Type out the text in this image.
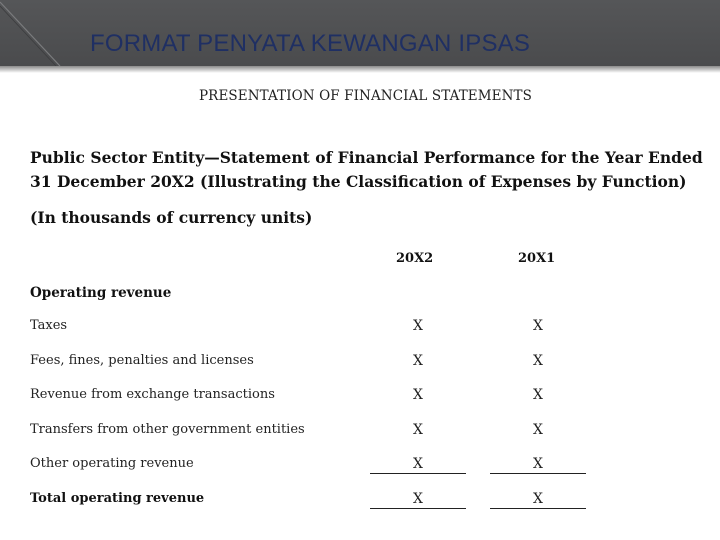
FORMAT PENYATA KEWANGAN IPSAS
PRESENTATION OF FINANCIAL STATEMENTS
Public Sector Entity—Statement of Financial Performance for the Year Ended 31 December 20X2 (Illustrating the Classification of Expenses by Function)
(In thousands of currency units)
20X2	20X1
Operating revenue
Taxes	X	X
Fees, fines, penalties and licenses	X	X
Revenue from exchange transactions	X	X
Transfers from other government entities	X	X
Other operating revenue	X	X
Total operating revenue	X	X
